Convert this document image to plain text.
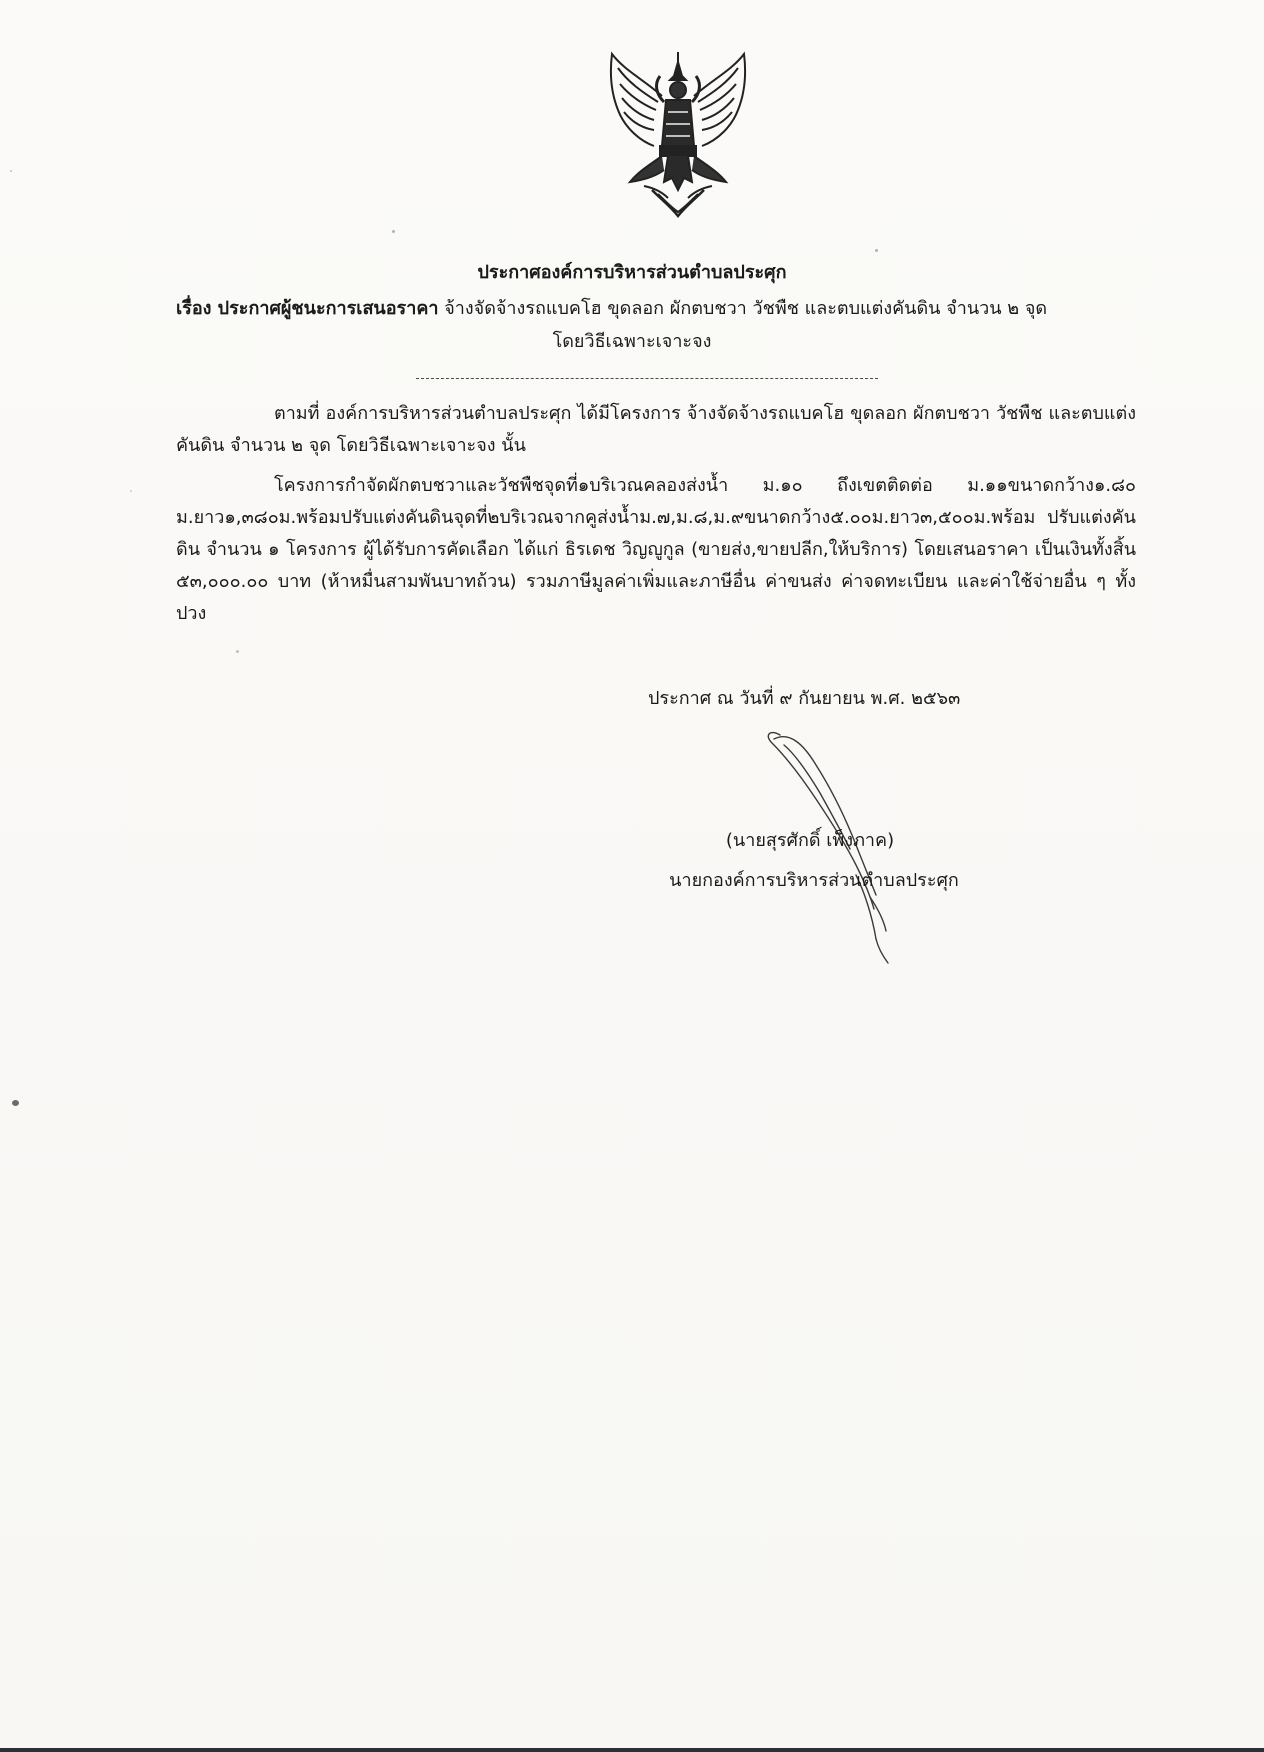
ประกาศองค์การบริหารส่วนตำบลประศุก
เรื่อง ประกาศผู้ชนะการเสนอราคา จ้างจัดจ้างรถแบคโฮ ขุดลอก ผักตบชวา วัชพืช และตบแต่งคันดิน จำนวน ๒ จุด
โดยวิธีเฉพาะเจาะจง
ตามที่ องค์การบริหารส่วนตำบลประศุก ได้มีโครงการ จ้างจัดจ้างรถแบคโฮ ขุดลอก ผักตบชวา วัชพืช และตบแต่งคันดิน จำนวน ๒ จุด โดยวิธีเฉพาะเจาะจง นั้น
โครงการกำจัดผักตบชวาและวัชพืชจุดที่๑บริเวณคลองส่งน้ำ ม.๑๐ ถึงเขตติดต่อ ม.๑๑ขนาดกว้าง๑.๘๐ ม.ยาว๑,๓๘๐ม.พร้อมปรับแต่งคันดินจุดที่๒บริเวณจากคูส่งน้ำม.๗,ม.๘,ม.๙ขนาดกว้าง๕.๐๐ม.ยาว๓,๕๐๐ม.พร้อม ปรับแต่งคันดิน จำนวน ๑ โครงการ ผู้ได้รับการคัดเลือก ได้แก่ ธิรเดช วิญญูกูล (ขายส่ง,ขายปลีก,ให้บริการ) โดยเสนอราคา เป็นเงินทั้งสิ้น ๕๓,๐๐๐.๐๐ บาท (ห้าหมื่นสามพันบาทถ้วน) รวมภาษีมูลค่าเพิ่มและภาษีอื่น ค่าขนส่ง ค่าจดทะเบียน และค่าใช้จ่ายอื่น ๆ ทั้งปวง
ประกาศ ณ วันที่ ๙ กันยายน พ.ศ. ๒๕๖๓
(นายสุรศักดิ์ เพ็งภาค)
นายกองค์การบริหารส่วนตำบลประศุก
